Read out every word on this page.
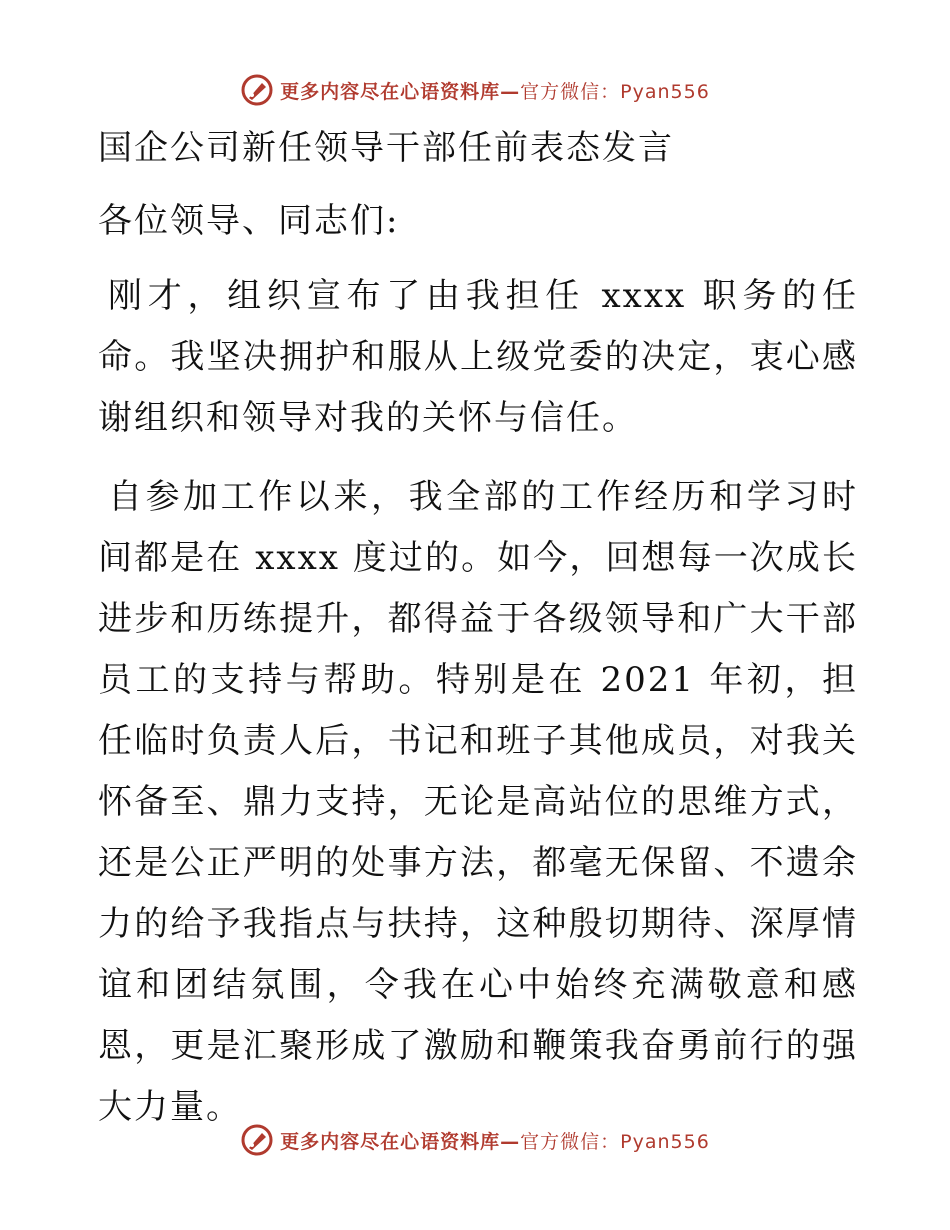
更多内容尽在心语资料库— 官方微信：Pyan556

国企公司新任领导干部任前表态发言

各位领导、同志们:

刚才，组织宣布了由我担任 xxxx 职务的任命。我坚决拥护和服从上级党委的决定，衷心感谢组织和领导对我的关怀与信任。

自参加工作以来，我全部的工作经历和学习时间都是在 xxxx 度过的。如今，回想每一次成长进步和历练提升，都得益于各级领导和广大干部员工的支持与帮助。特别是在 2021 年初，担任临时负责人后，书记和班子其他成员，对我关怀备至、鼎力支持，无论是高站位的思维方式，还是公正严明的处事方法，都毫无保留、不遗余力的给予我指点与扶持，这种殷切期待、深厚情谊和团结氛围，令我在心中始终充满敬意和感恩，更是汇聚形成了激励和鞭策我奋勇前行的强大力量。

更多内容尽在心语资料库— 官方微信：Pyan556
